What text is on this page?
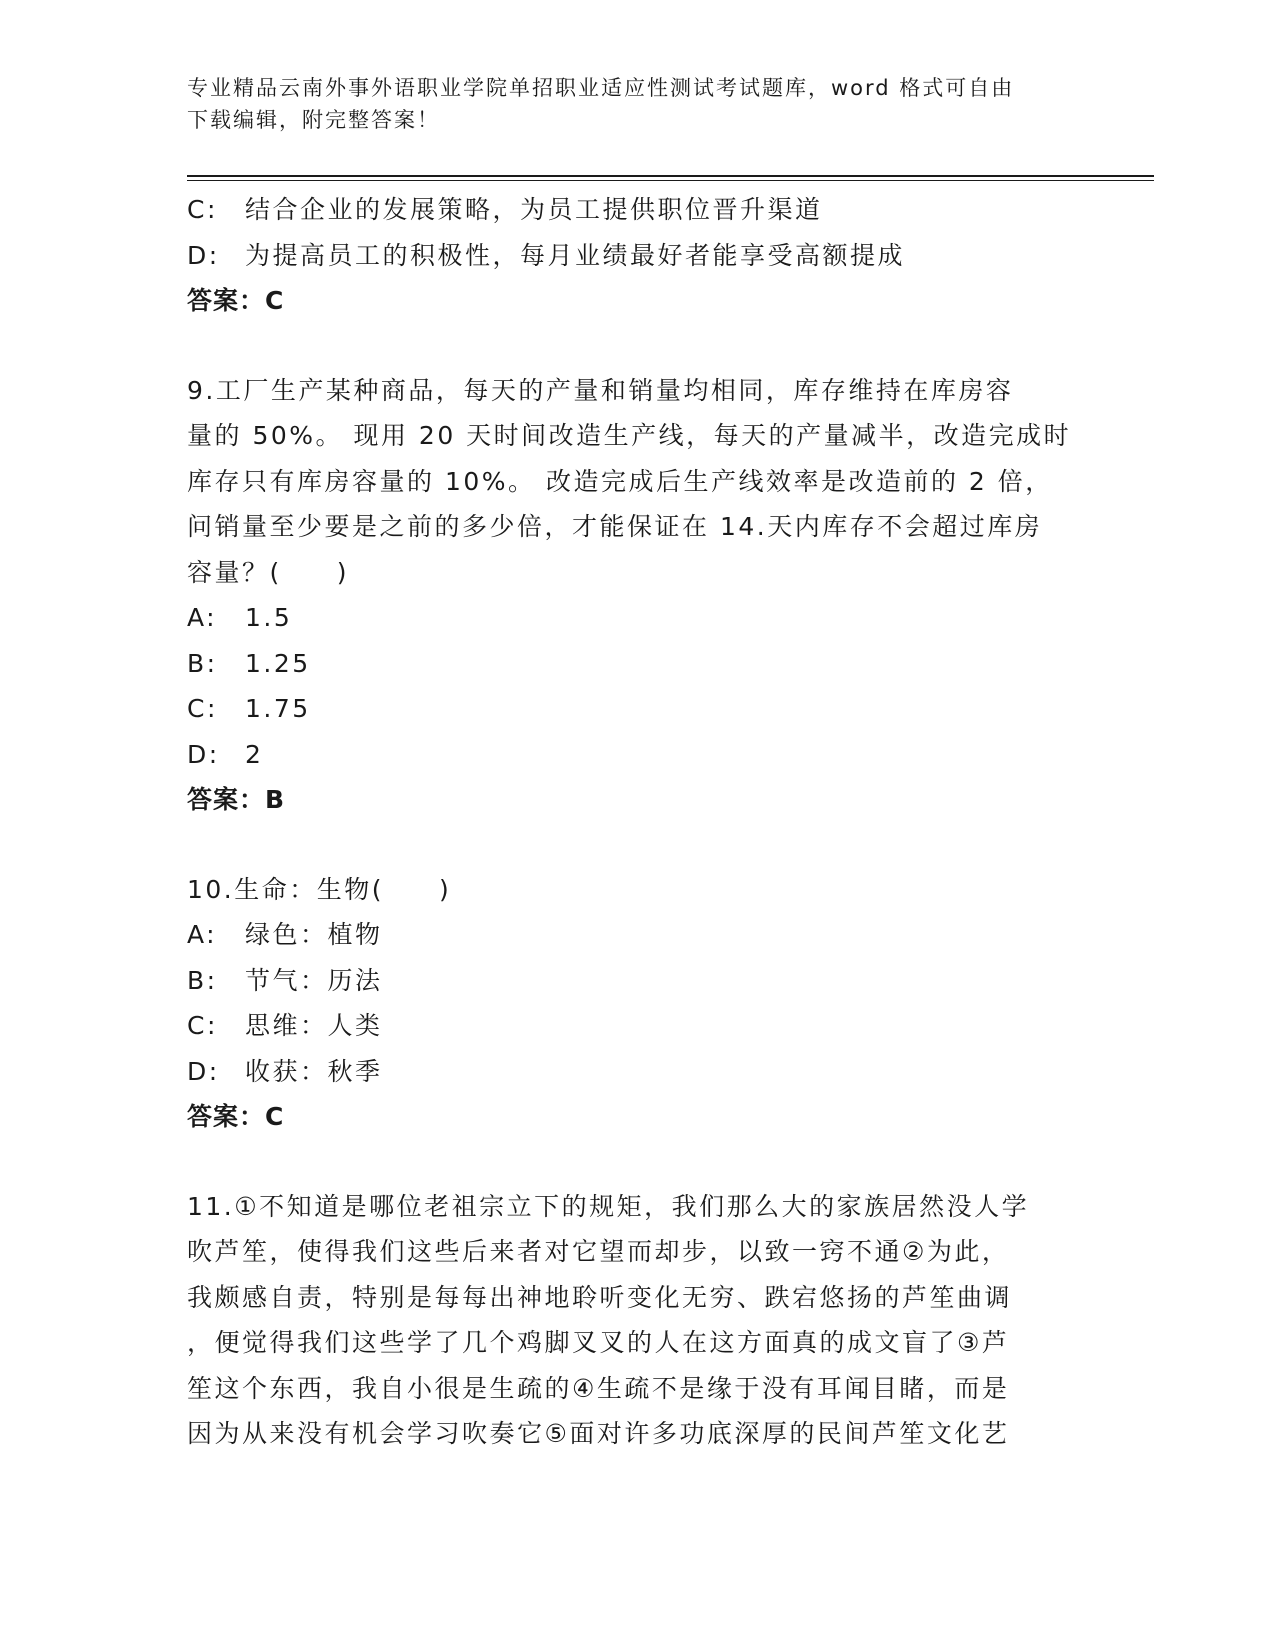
专业精品云南外事外语职业学院单招职业适应性测试考试题库，word 格式可自由
下载编辑，附完整答案！
C: 结合企业的发展策略，为员工提供职位晋升渠道
D: 为提高员工的积极性，每月业绩最好者能享受高额提成
答案：C
9.工厂生产某种商品，每天的产量和销量均相同，库存维持在库房容
量的 50%。 现用 20 天时间改造生产线，每天的产量减半，改造完成时
库存只有库房容量的 10%。 改造完成后生产线效率是改造前的 2 倍，
问销量至少要是之前的多少倍，才能保证在 14.天内库存不会超过库房
容量？(　　)
A: 1.5
B: 1.25
C: 1.75
D: 2
答案：B
10.生命：生物(　　)
A: 绿色：植物
B: 节气：历法
C: 思维：人类
D: 收获：秋季
答案：C
11.①不知道是哪位老祖宗立下的规矩，我们那么大的家族居然没人学
吹芦笙，使得我们这些后来者对它望而却步，以致一窍不通②为此，
我颇感自责，特别是每每出神地聆听变化无穷、跌宕悠扬的芦笙曲调
，便觉得我们这些学了几个鸡脚叉叉的人在这方面真的成文盲了③芦
笙这个东西，我自小很是生疏的④生疏不是缘于没有耳闻目睹，而是
因为从来没有机会学习吹奏它⑤面对许多功底深厚的民间芦笙文化艺
